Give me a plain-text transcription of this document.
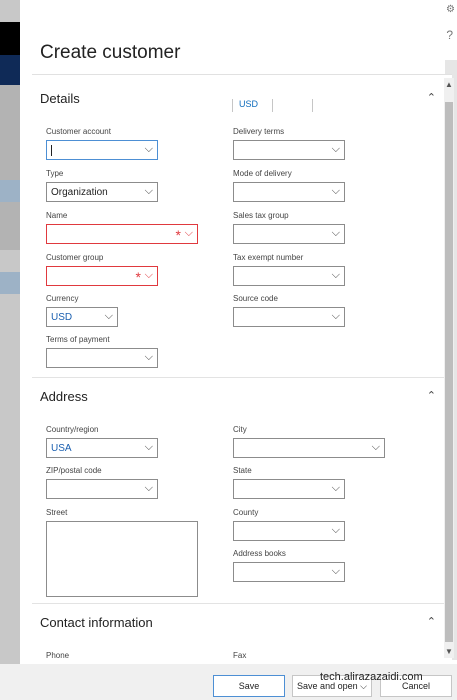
⚙
?
Create customer
Details	USD	⌃
Customer account
⌵
Type
Organization	⌵
Name
* ⌵
Customer group
* ⌵
Currency
USD	⌵
Terms of payment
⌵
Delivery terms
⌵
Mode of delivery
⌵
Sales tax group
⌵
Tax exempt number
⌵
Source code
⌵
Address	⌃
Country/region
USA	⌵
ZIP/postal code
⌵
Street
City
⌵
State
⌵
County
⌵
Address books
⌵
Contact information	⌃
Phone	Fax
▲
▼
Save	Save and open ⌵	Cancel
tech.alirazazaidi.com
